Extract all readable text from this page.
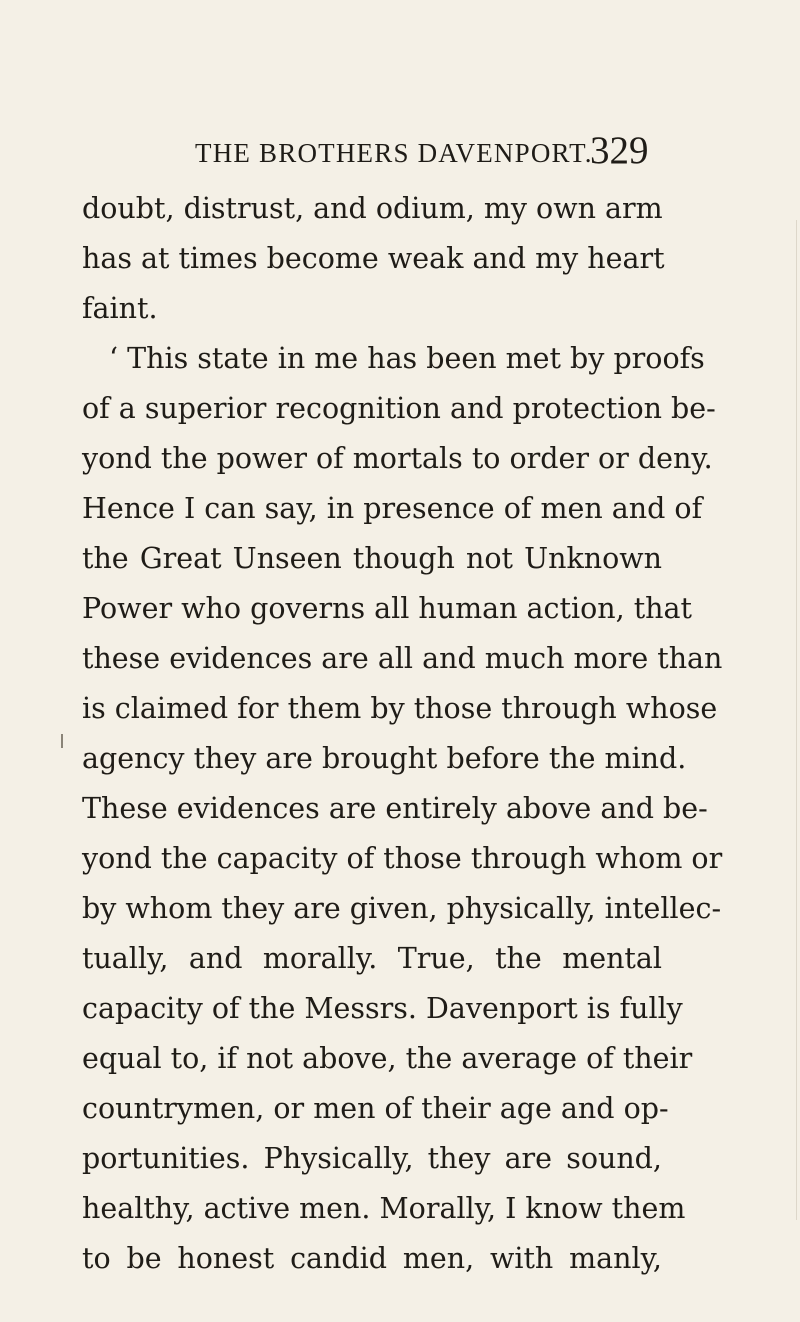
THE BROTHERS DAVENPORT.
329
doubt, distrust, and odium, my own arm
has at times become weak and my heart
faint.
‘ This state in me has been met by proofs
of a superior recognition and protection be-
yond the power of mortals to order or deny.
Hence I can say, in presence of men and of
the Great Unseen though not Unknown
Power who governs all human action, that
these evidences are all and much more than
is claimed for them by those through whose
agency they are brought before the mind.
These evidences are entirely above and be-
yond the capacity of those through whom or
by whom they are given, physically, intellec-
tually, and morally. True, the mental
capacity of the Messrs. Davenport is fully
equal to, if not above, the average of their
countrymen, or men of their age and op-
portunities. Physically, they are sound,
healthy, active men. Morally, I know them
to be honest candid men, with manly,
